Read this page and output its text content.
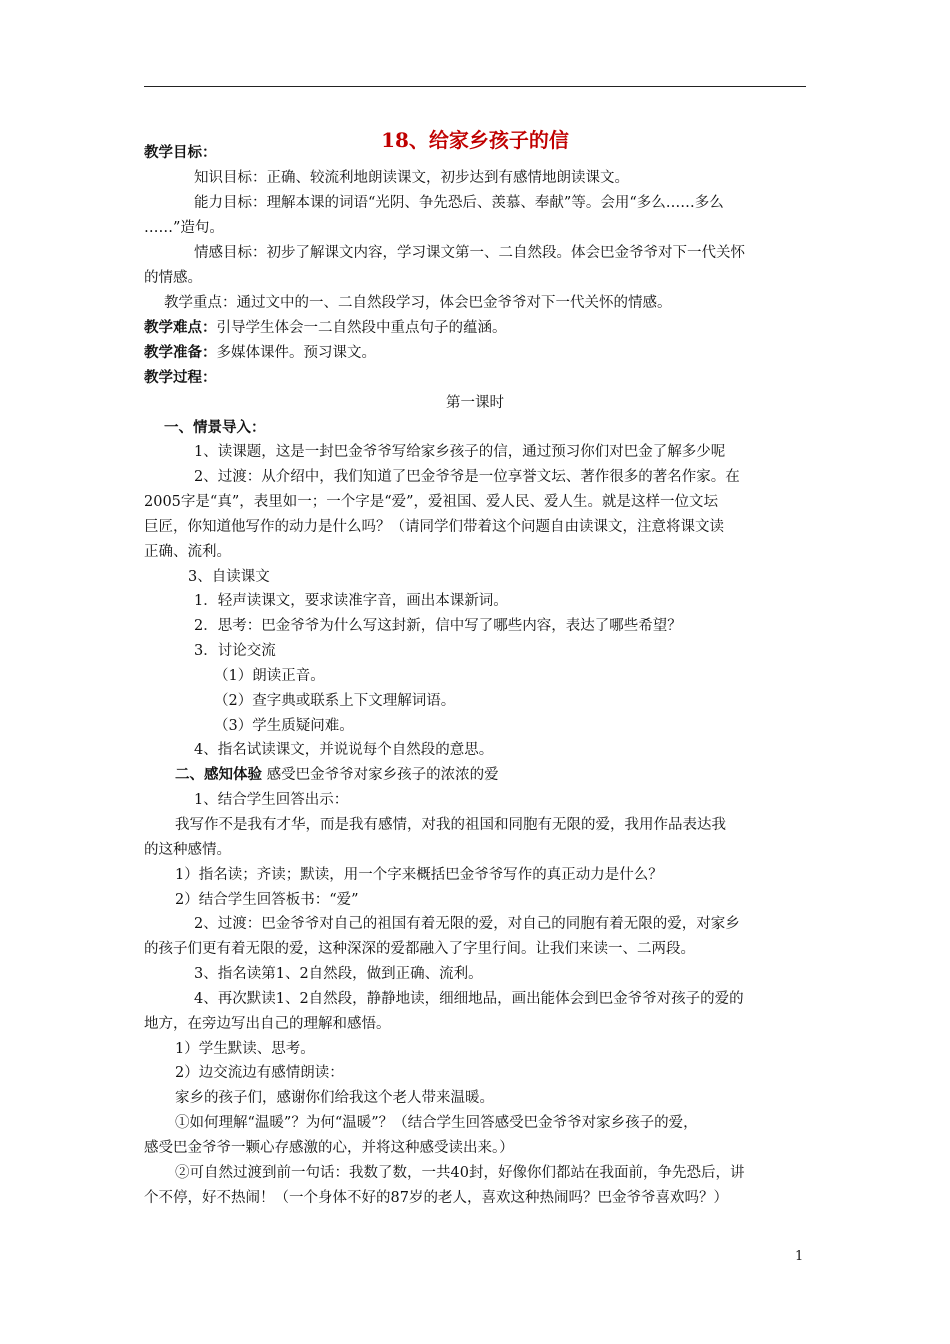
18、给家乡孩子的信
教学目标：
知识目标：正确、较流利地朗读课文，初步达到有感情地朗读课文。
能力目标：理解本课的词语“光阴、争先恐后、羡慕、奉献”等。会用“多么……多么
……”造句。
情感目标：初步了解课文内容，学习课文第一、二自然段。体会巴金爷爷对下一代关怀
的情感。
教学重点：通过文中的一、二自然段学习，体会巴金爷爷对下一代关怀的情感。
教学难点：引导学生体会一二自然段中重点句子的蕴涵。
教学准备：多媒体课件。预习课文。
教学过程：
第一课时
一、情景导入：
1、读课题，这是一封巴金爷爷写给家乡孩子的信，通过预习你们对巴金了解多少呢
2、过渡：从介绍中，我们知道了巴金爷爷是一位享誉文坛、著作很多的著名作家。在
2005字是“真”，表里如一；一个字是“爱”，爱祖国、爱人民、爱人生。就是这样一位文坛
巨匠，你知道他写作的动力是什么吗？（请同学们带着这个问题自由读课文，注意将课文读
正确、流利。
3、自读课文
1．轻声读课文，要求读准字音，画出本课新词。
2．思考：巴金爷爷为什么写这封新，信中写了哪些内容，表达了哪些希望？
3．讨论交流
（1）朗读正音。
（2）查字典或联系上下文理解词语。
（3）学生质疑问难。
4、指名试读课文，并说说每个自然段的意思。
二、感知体验 感受巴金爷爷对家乡孩子的浓浓的爱
1、结合学生回答出示：
我写作不是我有才华，而是我有感情，对我的祖国和同胞有无限的爱，我用作品表达我
的这种感情。
1）指名读；齐读；默读，用一个字来概括巴金爷爷写作的真正动力是什么？
2）结合学生回答板书：“爱”
2、过渡：巴金爷爷对自己的祖国有着无限的爱，对自己的同胞有着无限的爱，对家乡
的孩子们更有着无限的爱，这种深深的爱都融入了字里行间。让我们来读一、二两段。
3、指名读第1、2自然段，做到正确、流利。
4、再次默读1、2自然段，静静地读，细细地品，画出能体会到巴金爷爷对孩子的爱的
地方，在旁边写出自己的理解和感悟。
1）学生默读、思考。
2）边交流边有感情朗读：
家乡的孩子们，感谢你们给我这个老人带来温暖。
①如何理解“温暖”？为何“温暖”？（结合学生回答感受巴金爷爷对家乡孩子的爱，
感受巴金爷爷一颗心存感激的心，并将这种感受读出来。）
②可自然过渡到前一句话：我数了数，一共40封，好像你们都站在我面前，争先恐后，讲
个不停，好不热闹！（一个身体不好的87岁的老人，喜欢这种热闹吗？巴金爷爷喜欢吗？）
1
